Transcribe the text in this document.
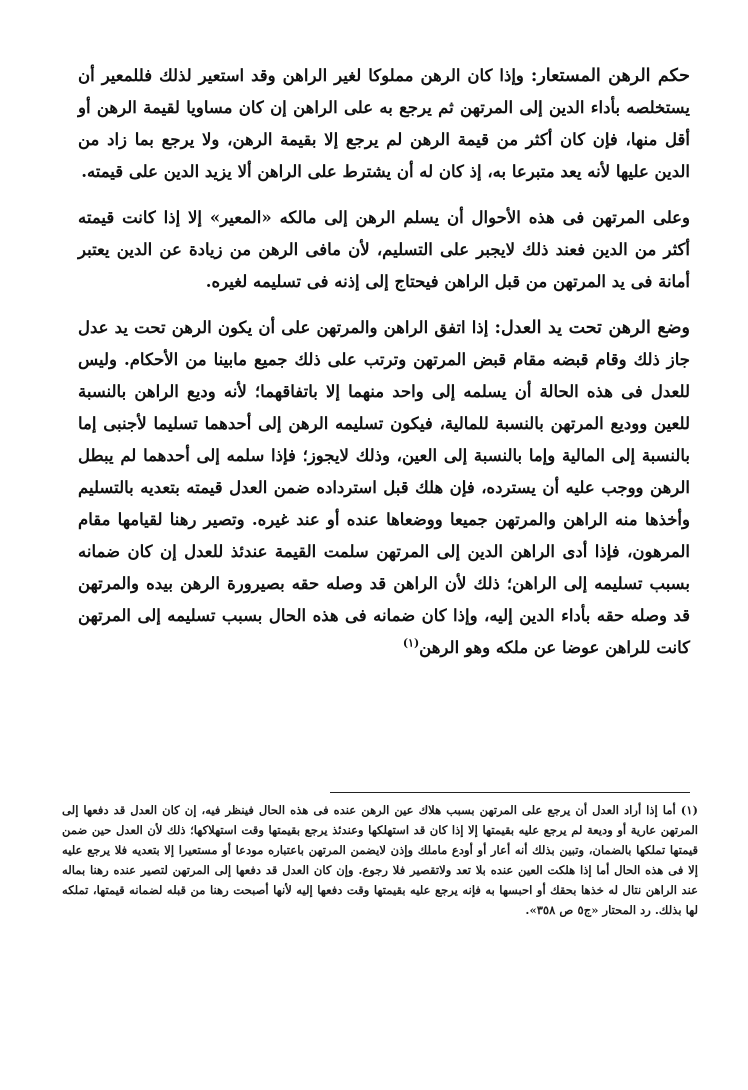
حكم الرهن المستعار: وإذا كان الرهن مملوكا لغير الراهن وقد استعير لذلك فللمعير أن يستخلصه بأداء الدين إلى المرتهن ثم يرجع به على الراهن إن كان مساويا لقيمة الرهن أو أقل منها، فإن كان أكثر من قيمة الرهن لم يرجع إلا بقيمة الرهن، ولا يرجع بما زاد من الدين عليها لأنه يعد متبرعا به، إذ كان له أن يشترط على الراهن ألا يزيد الدين على قيمته.

وعلى المرتهن فى هذه الأحوال أن يسلم الرهن إلى مالكه «المعير» إلا إذا كانت قيمته أكثر من الدين فعند ذلك لايجبر على التسليم، لأن مافى الرهن من زيادة عن الدين يعتبر أمانة فى يد المرتهن من قبل الراهن فيحتاج إلى إذنه فى تسليمه لغيره.

وضع الرهن تحت يد العدل: إذا اتفق الراهن والمرتهن على أن يكون الرهن تحت يد عدل جاز ذلك وقام قبضه مقام قبض المرتهن وترتب على ذلك جميع مابينا من الأحكام. وليس للعدل فى هذه الحالة أن يسلمه إلى واحد منهما إلا باتفاقهما؛ لأنه وديع الراهن بالنسبة للعين ووديع المرتهن بالنسبة للمالية، فيكون تسليمه الرهن إلى أحدهما تسليما لأجنبى إما بالنسبة إلى المالية وإما بالنسبة إلى العين، وذلك لايجوز؛ فإذا سلمه إلى أحدهما لم يبطل الرهن ووجب عليه أن يسترده، فإن هلك قبل استرداده ضمن العدل قيمته بتعديه بالتسليم وأخذها منه الراهن والمرتهن جميعا ووضعاها عنده أو عند غيره. وتصير رهنا لقيامها مقام المرهون، فإذا أدى الراهن الدين إلى المرتهن سلمت القيمة عندئذ للعدل إن كان ضمانه بسبب تسليمه إلى الراهن؛ ذلك لأن الراهن قد وصله حقه بصيرورة الرهن بيده والمرتهن قد وصله حقه بأداء الدين إليه، وإذا كان ضمانه فى هذه الحال بسبب تسليمه إلى المرتهن كانت للراهن عوضا عن ملكه وهو الرهن$^{(١)}$

(١) أما إذا أراد العدل أن يرجع على المرتهن بسبب هلاك عين الرهن عنده فى هذه الحال فينظر فيه، إن كان العدل قد دفعها إلى المرتهن عارية أو وديعة لم يرجع عليه بقيمتها إلا إذا كان قد استهلكها وعندئذ يرجع بقيمتها وقت استهلاكها؛ ذلك لأن العدل حين ضمن قيمتها تملكها بالضمان، وتبين بذلك أنه أعار أو أودع ماملك وإذن لايضمن المرتهن باعتباره مودعا أو مستعيرا إلا بتعديه فلا يرجع عليه إلا فى هذه الحال أما إذا هلكت العين عنده بلا تعد ولاتقصير فلا رجوع. وإن كان العدل قد دفعها إلى المرتهن لتصير عنده رهنا بماله عند الراهن نتال له خذها بحقك أو احبسها به فإنه يرجع عليه بقيمتها وقت دفعها إليه لأنها أصبحت رهنا من قبله لضمانه قيمتها، تملكه لها بذلك. رد المحتار «ج٥ ص ٣٥٨».
